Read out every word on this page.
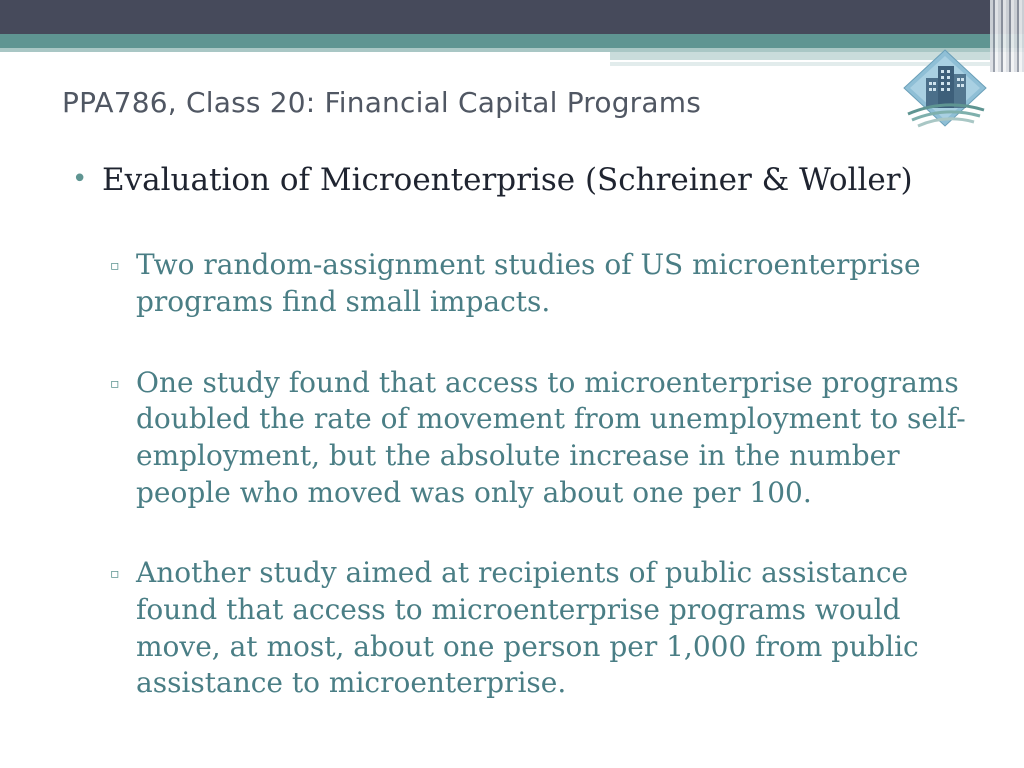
PPA786, Class 20: Financial Capital Programs
• Evaluation of Microenterprise (Schreiner & Woller)
▫ Two random-assignment studies of US microenterprise programs find small impacts.
▫ One study found that access to microenterprise programs doubled the rate of movement from unemployment to self-employment, but the absolute increase in the number people who moved was only about one per 100.
▫ Another study aimed at recipients of public assistance found that access to microenterprise programs would move, at most, about one person per 1,000 from public assistance to microenterprise.
